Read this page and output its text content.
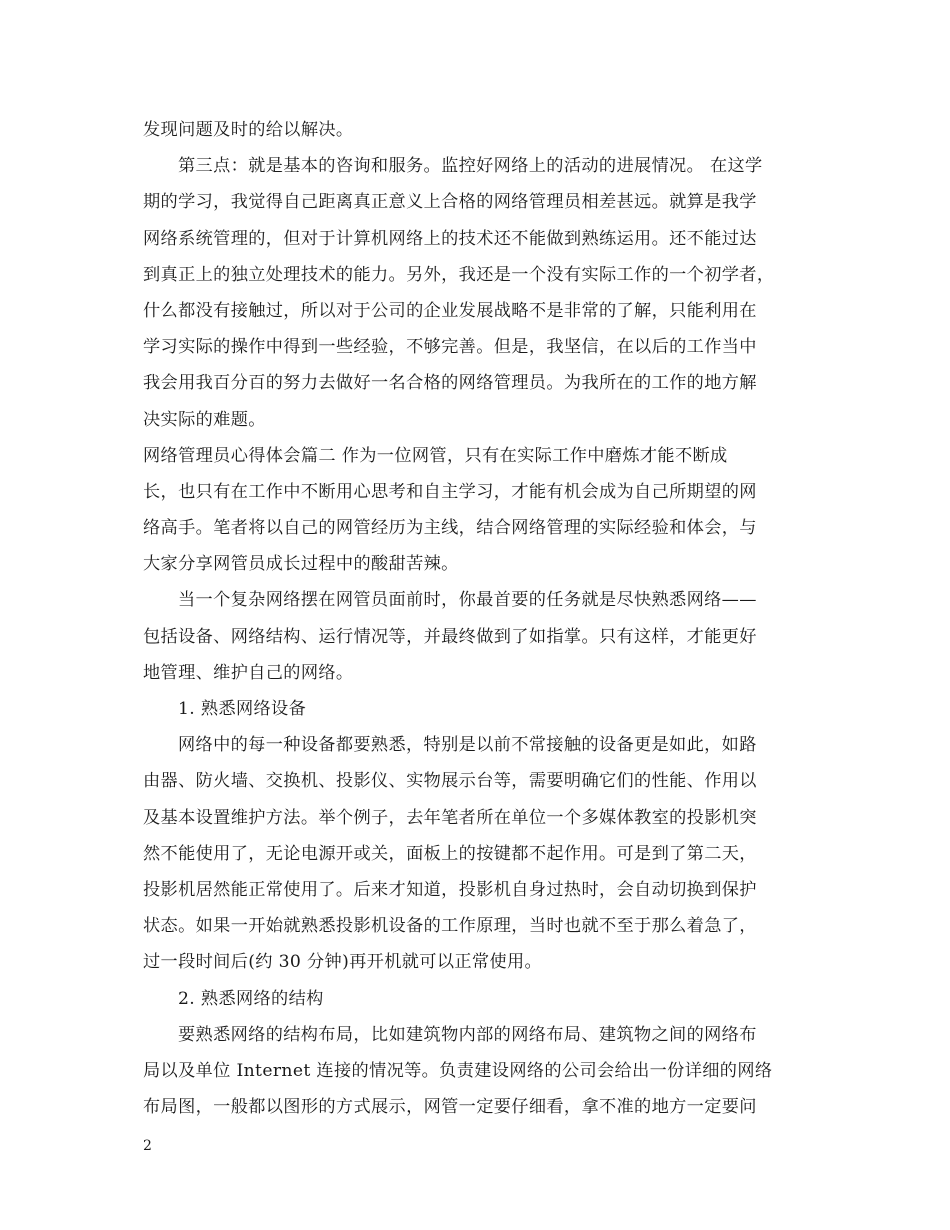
发现问题及时的给以解决。
第三点：就是基本的咨询和服务。监控好网络上的活动的进展情况。 在这学
期的学习，我觉得自己距离真正意义上合格的网络管理员相差甚远。就算是我学
网络系统管理的，但对于计算机网络上的技术还不能做到熟练运用。还不能过达
到真正上的独立处理技术的能力。另外，我还是一个没有实际工作的一个初学者，
什么都没有接触过，所以对于公司的企业发展战略不是非常的了解，只能利用在
学习实际的操作中得到一些经验，不够完善。但是，我坚信，在以后的工作当中
我会用我百分百的努力去做好一名合格的网络管理员。为我所在的工作的地方解
决实际的难题。
网络管理员心得体会篇二 作为一位网管，只有在实际工作中磨炼才能不断成
长，也只有在工作中不断用心思考和自主学习，才能有机会成为自己所期望的网
络高手。笔者将以自己的网管经历为主线，结合网络管理的实际经验和体会，与
大家分享网管员成长过程中的酸甜苦辣。
当一个复杂网络摆在网管员面前时，你最首要的任务就是尽快熟悉网络——
包括设备、网络结构、运行情况等，并最终做到了如指掌。只有这样，才能更好
地管理、维护自己的网络。
1. 熟悉网络设备
网络中的每一种设备都要熟悉，特别是以前不常接触的设备更是如此，如路
由器、防火墙、交换机、投影仪、实物展示台等，需要明确它们的性能、作用以
及基本设置维护方法。举个例子，去年笔者所在单位一个多媒体教室的投影机突
然不能使用了，无论电源开或关，面板上的按键都不起作用。可是到了第二天，
投影机居然能正常使用了。后来才知道，投影机自身过热时，会自动切换到保护
状态。如果一开始就熟悉投影机设备的工作原理，当时也就不至于那么着急了，
过一段时间后(约 30 分钟)再开机就可以正常使用。
2. 熟悉网络的结构
要熟悉网络的结构布局，比如建筑物内部的网络布局、建筑物之间的网络布
局以及单位 Internet 连接的情况等。负责建设网络的公司会给出一份详细的网络
布局图，一般都以图形的方式展示，网管一定要仔细看，拿不准的地方一定要问
2
